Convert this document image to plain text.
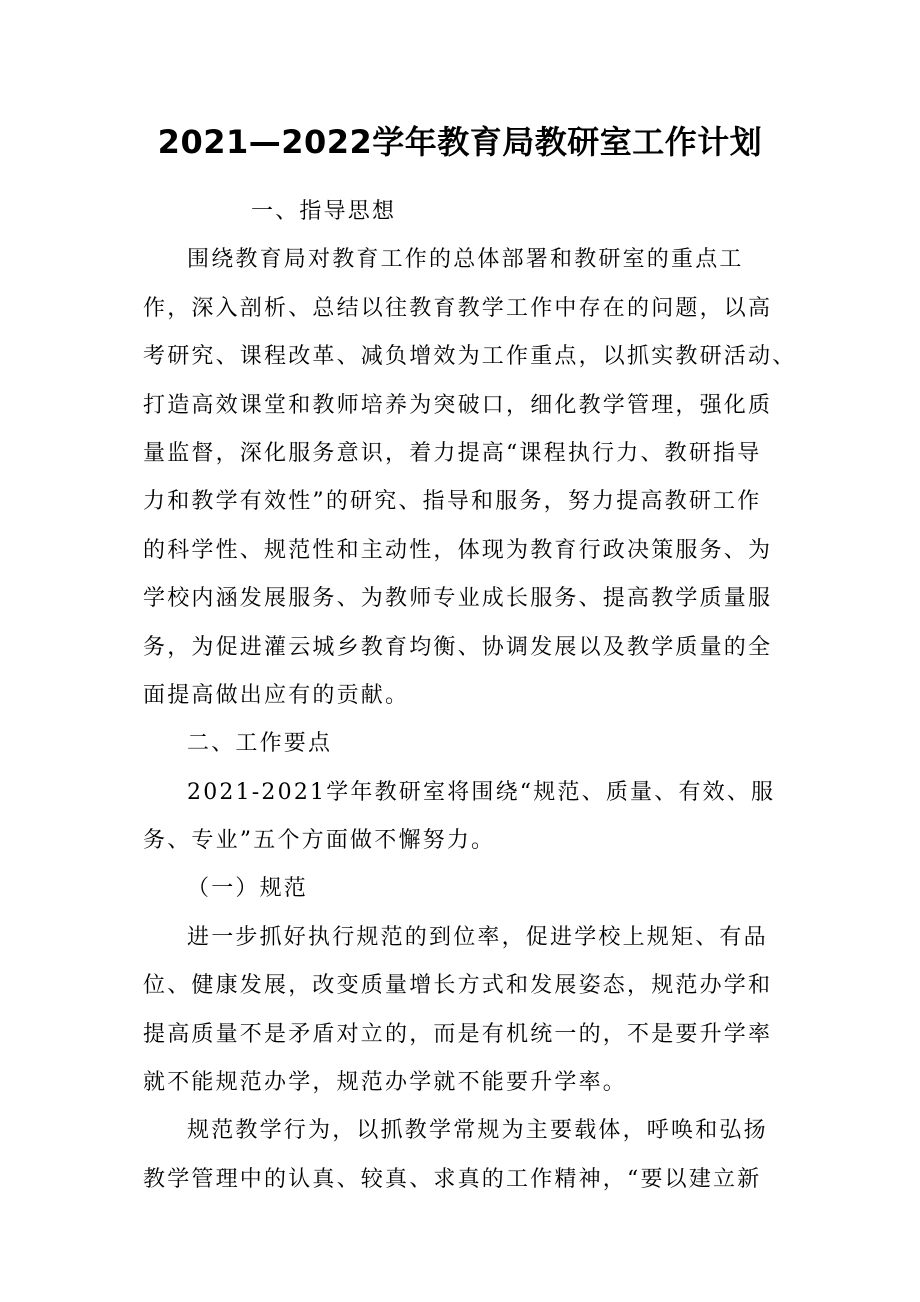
2021—2022学年教育局教研室工作计划

一、指导思想

围绕教育局对教育工作的总体部署和教研室的重点工

作，深入剖析、总结以往教育教学工作中存在的问题，以高

考研究、课程改革、减负增效为工作重点，以抓实教研活动、

打造高效课堂和教师培养为突破口，细化教学管理，强化质

量监督，深化服务意识，着力提高“课程执行力、教研指导

力和教学有效性”的研究、指导和服务，努力提高教研工作

的科学性、规范性和主动性，体现为教育行政决策服务、为

学校内涵发展服务、为教师专业成长服务、提高教学质量服

务，为促进灌云城乡教育均衡、协调发展以及教学质量的全

面提高做出应有的贡献。

二、工作要点

2021-2021学年教研室将围绕“规范、质量、有效、服

务、专业”五个方面做不懈努力。

（一）规范

进一步抓好执行规范的到位率，促进学校上规矩、有品

位、健康发展，改变质量增长方式和发展姿态，规范办学和

提高质量不是矛盾对立的，而是有机统一的，不是要升学率

就不能规范办学，规范办学就不能要升学率。

规范教学行为，以抓教学常规为主要载体，呼唤和弘扬

教学管理中的认真、较真、求真的工作精神，“要以建立新
